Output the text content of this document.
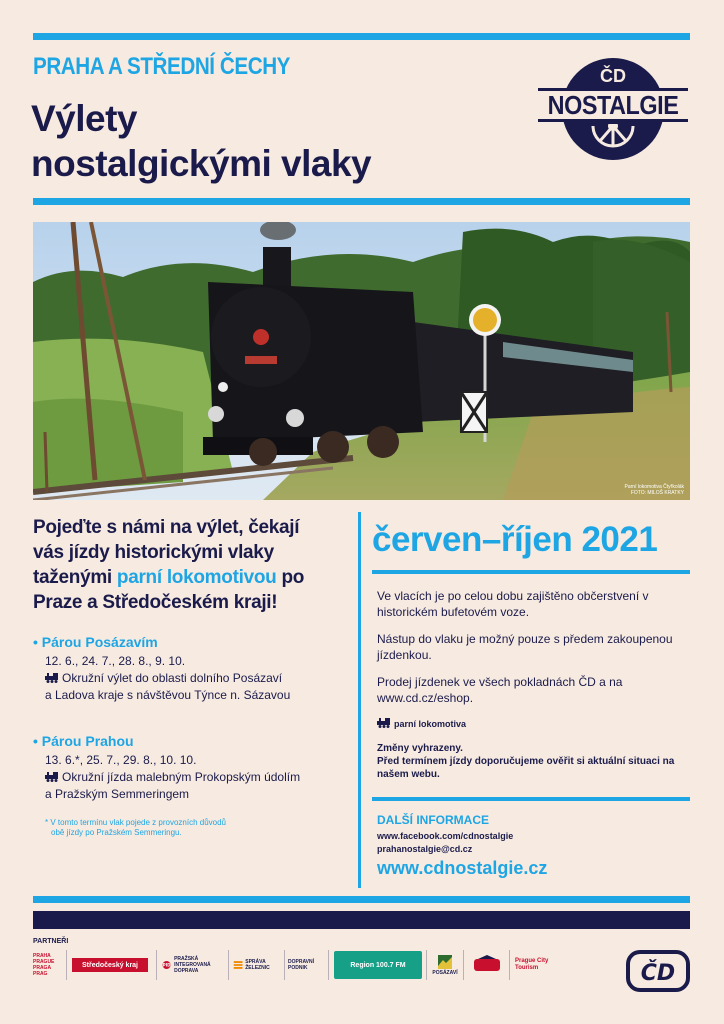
PRAHA A STŘEDNÍ ČECHY
Výlety
nostalgickými vlaky
ČD
NOSTALGIE
Parní lokomotiva Čtyřkolák
FOTO: MILOŠ KRATKY
Pojeďte s námi na výlet, čekají vás jízdy historickými vlaky taženými parní lokomotivou po Praze a Středočeském kraji!
• Párou Posázavím
12. 6., 24. 7., 28. 8., 9. 10.
Okružní výlet do oblasti dolního Posázaví
a Ladova kraje s návštěvou Týnce n. Sázavou
• Párou Prahou
13. 6.*, 25. 7., 29. 8., 10. 10.
Okružní jízda malebným Prokopským údolím
a Pražským Semmeringem
* V tomto termínu vlak pojede z provozních důvodů
obě jízdy po Pražském Semmeringu.
červen–říjen 2021
Ve vlacích je po celou dobu zajištěno občerstvení v historickém bufetovém voze.
Nástup do vlaku je možný pouze s předem zakoupenou jízdenkou.
Prodej jízdenek ve všech pokladnách ČD a na www.cd.cz/eshop.
parní lokomotiva
Změny vyhrazeny.
Před termínem jízdy doporučujeme ověřit si aktuální situaci na našem webu.
DALŠÍ INFORMACE
www.facebook.com/cdnostalgie
prahanostalgie@cd.cz
www.cdnostalgie.cz
PARTNEŘI
PRAHA PRAGUE PRAGA PRAG
Středočeský kraj	PID
PRAŽSKÁ INTEGROVANÁ DOPRAVA
SPRÁVA ŽELEZNIC
DOPRAVNÍ PODNIK	Region 100.7 FM
POSÁZAVÍ
Prague City Tourism	ČD
